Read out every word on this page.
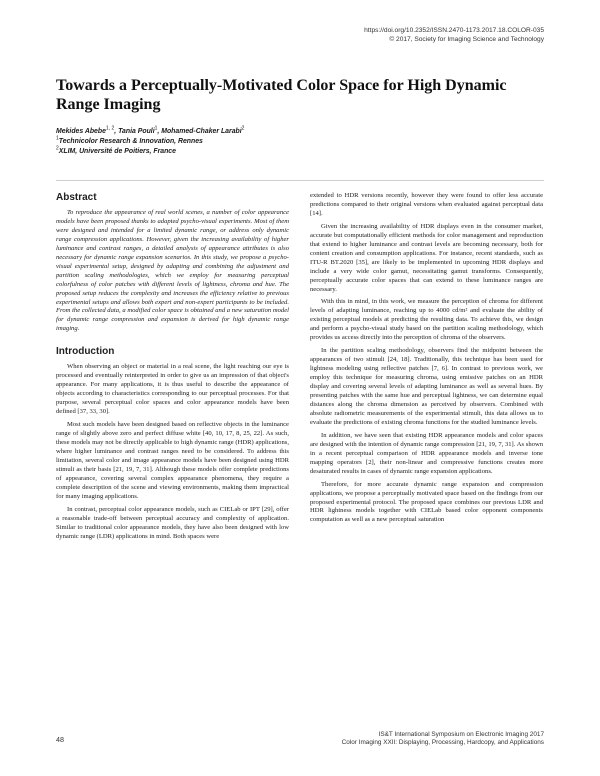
https://doi.org/10.2352/ISSN.2470-1173.2017.18.COLOR-035
© 2017, Society for Imaging Science and Technology
Towards a Perceptually-Motivated Color Space for High Dynamic Range Imaging
Mekides Abebe$^{1, 2}$, Tania Pouli$^1$, Mohamed-Chaker Larabi$^2$
$^1$Technicolor Research & Innovation, Rennes
$^2$XLIM, Université de Poitiers, France
Abstract

To reproduce the appearance of real world scenes, a number of color appearance models have been proposed thanks to adapted psycho-visual experiments. Most of them were designed and intended for a limited dynamic range, or address only dynamic range compression applications. However, given the increasing availability of higher luminance and contrast ranges, a detailed analysis of appearance attributes is also necessary for dynamic range expansion scenarios. In this study, we propose a psycho-visual experimental setup, designed by adapting and combining the adjustment and partition scaling methodologies, which we employ for measuring perceptual colorfulness of color patches with different levels of lightness, chroma and hue. The proposed setup reduces the complexity and increases the efficiency relative to previous experimental setups and allows both expert and non-expert participants to be included. From the collected data, a modified color space is obtained and a new saturation model for dynamic range compression and expansion is derived for high dynamic range imaging.

Introduction

When observing an object or material in a real scene, the light reaching our eye is processed and eventually reinterpreted in order to give us an impression of that object's appearance. For many applications, it is thus useful to describe the appearance of objects according to characteristics corresponding to our perceptual processes. For that purpose, several perceptual color spaces and color appearance models have been defined [37, 33, 30].

Most such models have been designed based on reflective objects in the luminance range of slightly above zero and perfect diffuse white [40, 10, 17, 8, 25, 22]. As such, these models may not be directly applicable to high dynamic range (HDR) applications, where higher luminance and contrast ranges need to be considered. To address this limitation, several color and image appearance models have been designed using HDR stimuli as their basis [21, 19, 7, 31]. Although these models offer complete predictions of appearance, covering several complex appearance phenomena, they require a complete description of the scene and viewing environments, making them impractical for many imaging applications.

In contrast, perceptual color appearance models, such as CIELab or IPT [29], offer a reasonable trade-off between perceptual accuracy and complexity of application. Similar to traditional color appearance models, they have also been designed with low dynamic range (LDR) applications in mind. Both spaces were

extended to HDR versions recently, however they were found to offer less accurate predictions compared to their original versions when evaluated against perceptual data [14].

Given the increasing availability of HDR displays even in the consumer market, accurate but computationally efficient methods for color management and reproduction that extend to higher luminance and contrast levels are becoming necessary, both for content creation and consumption applications. For instance, recent standards, such as ITU-R BT.2020 [35], are likely to be implemented in upcoming HDR displays and include a very wide color gamut, necessitating gamut transforms. Consequently, perceptually accurate color spaces that can extend to these luminance ranges are necessary.

With this in mind, in this work, we measure the perception of chroma for different levels of adapting luminance, reaching up to 4000 cd/m² and evaluate the ability of existing perceptual models at predicting the resulting data. To achieve this, we design and perform a psycho-visual study based on the partition scaling methodology, which provides us access directly into the perception of chroma of the observers.

In the partition scaling methodology, observers find the midpoint between the appearances of two stimuli [24, 18]. Traditionally, this technique has been used for lightness modeling using reflective patches [7, 6]. In contrast to previous work, we employ this technique for measuring chroma, using emissive patches on an HDR display and covering several levels of adapting luminance as well as several hues. By presenting patches with the same hue and perceptual lightness, we can determine equal distances along the chroma dimension as perceived by observers. Combined with absolute radiometric measurements of the experimental stimuli, this data allows us to evaluate the predictions of existing chroma functions for the studied luminance levels.

In addition, we have seen that existing HDR appearance models and color spaces are designed with the intention of dynamic range compression [21, 19, 7, 31]. As shown in a recent perceptual comparison of HDR appearance models and inverse tone mapping operators [2], their non-linear and compressive functions creates more desaturated results in cases of dynamic range expansion applications.

Therefore, for more accurate dynamic range expansion and compression applications, we propose a perceptually motivated space based on the findings from our proposed experimental protocol. The proposed space combines our previous LDR and HDR lightness models together with CIELab based color opponent components computation as well as a new perceptual saturation

48
IS&T International Symposium on Electronic Imaging 2017
Color Imaging XXII: Displaying, Processing, Hardcopy, and Applications
